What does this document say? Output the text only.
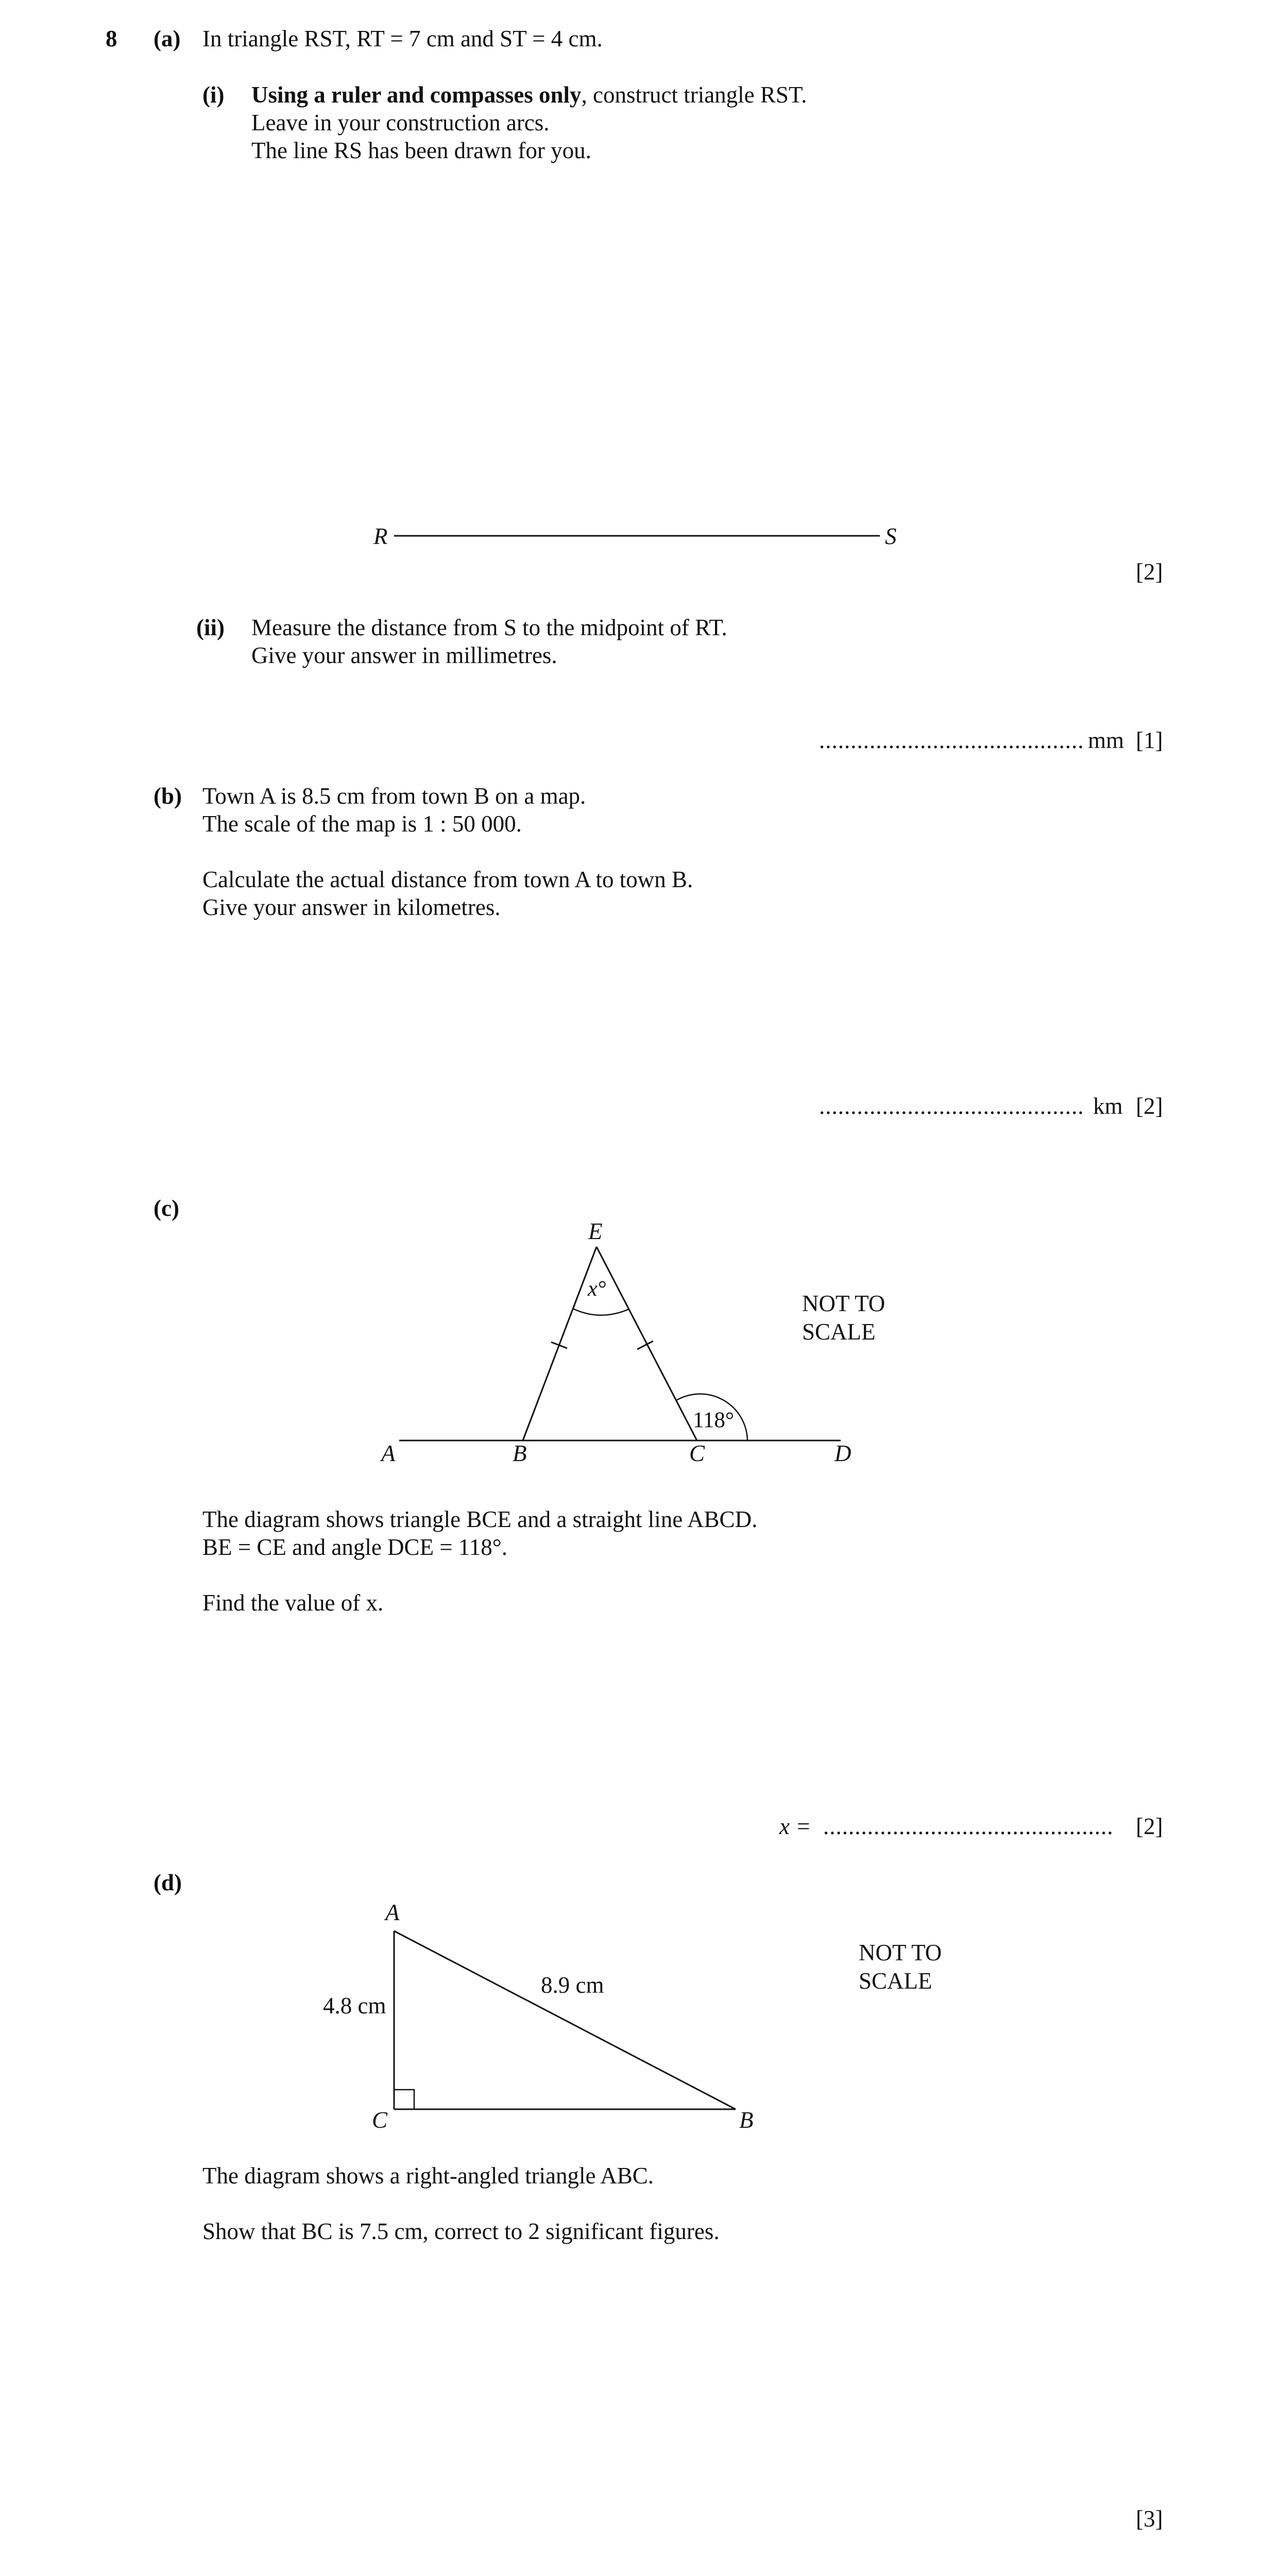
8 (a) In triangle RST, RT = 7 cm and ST = 4 cm.
(i) Using a ruler and compasses only, construct triangle RST.
Leave in your construction arcs.
The line RS has been drawn for you.
R	S
[2]
(ii) Measure the distance from S to the midpoint of RT.
Give your answer in millimetres.
.......................................... mm [1]
(b) Town A is 8.5 cm from town B on a map.
The scale of the map is 1 : 50 000.
Calculate the actual distance from town A to town B.
Give your answer in kilometres.
.......................................... km [2]
(c)
E
x°
118°
A	B	C	D
NOT TO
SCALE
The diagram shows triangle BCE and a straight line ABCD.
BE = CE and angle DCE = 118°.
Find the value of x.
x = .............................................. [2]
(d)
A
B
C
4.8 cm
8.9 cm
NOT TO
SCALE
The diagram shows a right-angled triangle ABC.
Show that BC is 7.5 cm, correct to 2 significant figures.
[3]
